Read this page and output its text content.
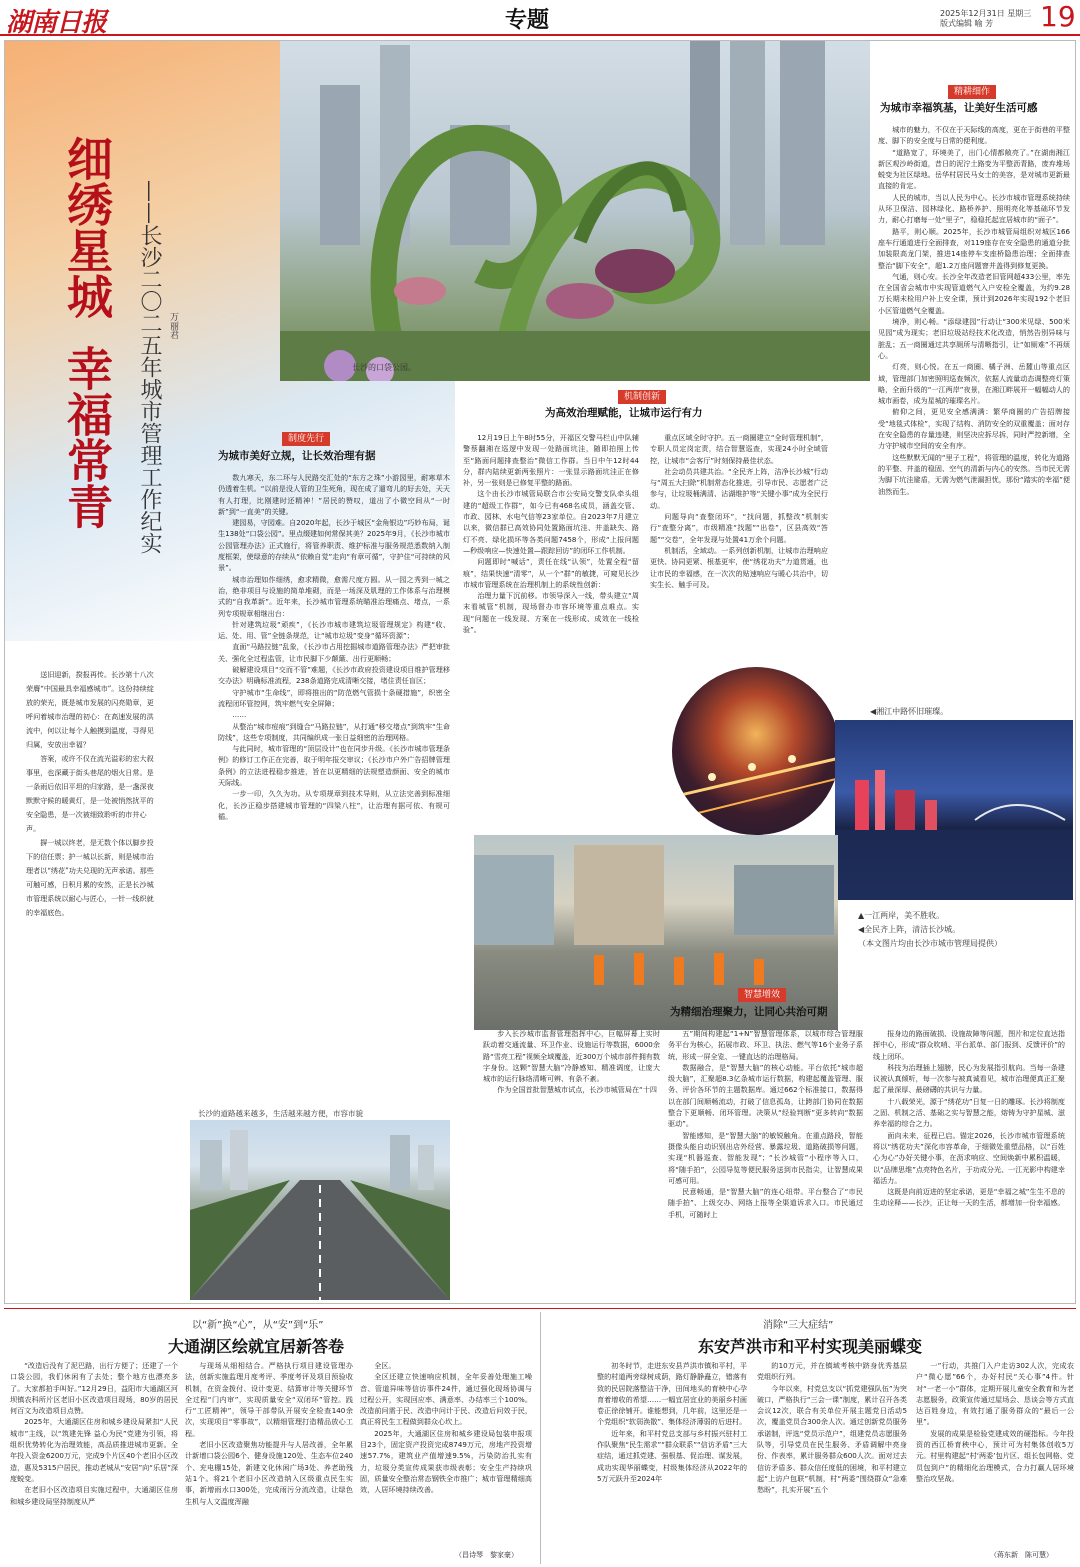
湖南日报	专题	2025年12月31日 星期三
版式编辑 喻 芳	19
长沙的口袋公园。
细绣星城幸福常青	——长沙二〇二五年城市管理工作纪实 万丽君

送旧迎新，揆报再传。长沙第十八次荣膺“中国最具幸福感城市”。这份持续绽放的荣光，既是城市发展的闪亮勋章，更呼问着城市治理的初心：在高速发展的洪流中，何以让每个人触摸到温度，寻得见归属，安放出幸福？

答案，或许不仅在流光溢彩的宏大叙事里，也深藏于街头巷尾的烟火日常。是一条雨后依旧平坦的归家路，是一盏深夜默默守候的暖黄灯，是一处被悄然扰平的安全隐患，是一次被细致聆听的市井心声。

摒一城以终老，是无数个体以脚步投下的信任票；护一城以长新，则是城市治理者以“绣花”功夫兑现的无声承诺。那些可触可感，日积月累的安然，正是长沙城市管理系统以耐心与匠心，一针一线织就的幸福底色。

制度先行
为城市美好立规，让长效治理有据

数九寒天，东二环与人民路交汇处的“东方之珠”小游园里，耐寒草木仍透着生机。“以前是没人管的卫生死角，现在成了遛弯儿的好去处，天天有人打理，比刚建时还精神！”居民的赞叹，道出了小微空间从“一时新”到“一直美”的关键。

建园易，守园难。自2020年起，长沙于城区“金角银边”巧妙布局，诞生138处“口袋公园”。里点缀建如何常保其美？2025年9月，《长沙市城市公园管理办法》正式施行，将管养职责、维护标准与服务规范悉数纳入制度框架，使绿意的存续从“依赖自觉”走向“有章可循”，守护住“可持续的风景”。

城市治理如作细绣，愈求精微，愈需尺度方圆。从一园之秀到一城之治，绝非项目与设施的简单堆砌，而是一场深及肌理的工作体系与治理模式的“自我革新”。近年来，长沙城市管理系统瞄准治理痛点、堵点，一系列专项规章相继出台：

针对建筑垃圾“顽疾”，《长沙市城市建筑垃圾管理规定》构建“收、运、处、用、管”全链条规范，让“城市垃圾”变身“循环资源”；

直面“马路拉链”乱象，《长沙市占用挖掘城市道路管理办法》严把审批关、强化全过程监管，让市民脚下少颠簸、出行更顺畅；

破解建设项目“交而不管”难题，《长沙市政府投资建设项目维护管理移交办法》明确标准流程，238条道路完成清晰交接，堵住责任盲区；

守护城市“生命线”，即将推出的“防范燃气管损十条硬措施”，织密全流程闭环管控网，筑牢燃气安全屏障；

……

从整治“城市痘痕”到缝合“马路拉链”，从打通“移交堵点”到筑牢“生命防线”，这些专项制度，共同编织成一张日益细密的治理网格。

与此同时，城市管理的“顶层设计”也在同步升级。《长沙市城市管理条例》的修订工作正在完善，取于明年报交审议；《长沙市户外广告招牌管理条例》的立法进程稳步推进，旨在以更精细的法规塑造颜面、安全的城市天际线。

一步一印，久久为功。从专项规章到技术导则，从立法完善到标准细化，长沙正稳步搭建城市管理的“四梁八柱”，让治理有据可依、有规可循。

机制创新
为高效治理赋能，让城市运行有力

12月19日上午8时55分，开福区交警马栏山中队辅警蔡翻湘在巡逻中发现一处路面坑洼，随即拍照上传至“路面问题排查整治”微信工作群。当日中午12时44分，群内陆续更新两张照片：一张显示路面坑洼正在修补，另一张则是已修复平整的路面。

这个由长沙市城管局联合市公安局交警支队牵头组建的“超级工作群”，如今已有468名成员，涵盖交管、市政、园林、水电气信等23家单位。自2023年7月建立以来，微信群已高效协同处置路面坑洼、井盖缺失、路灯不亮、绿化损坏等各类问题7458个，形成“上报问题—秒级响应—快速处置—跟踪回访”的闭环工作机制。

问题即时“喊话”，责任在线“认领”，处置全程“留痕”，结果快速“清零”，从一个“群”的敏捷，可窥见长沙市城市管理系统在治理机制上的系统性创新：

治理力量下沉前移。市领导深入一线，带头建立“周末看城管”机制，现场督办市容环境等重点难点。实现“问题在一线发现、方案在一线形成、成效在一线检验”。

重点区域全时守护。五一商圈建立“全时管理机制”，专职人员定岗定责，结合智慧巡查，实现24小时全域管控，让城市“会客厅”时刻保持最佳状态。

社会动员共建共治。“全民齐上阵，洁净长沙城”行动与“周五大扫除”机制常态化推进，引导市民、志愿者广泛参与，让垃圾桶满清、沾湖维护等“关键小事”成为全民行动。

问题导向“查整闭环”，“找问题，抓整改”机制实行“查整分离”，市级精准“找题”“出卷”，区县高效“答题”“交卷”，全年发现与处置41万余个问题。

机制活，全域动。一系列创新机制，让城市治理响应更快、协同更紧、根基更牢，使“绣花功夫”力道贯通，也让市民的幸福感，在一次次的贴速响应与暖心共治中，切实生长、触手可及。

精耕细作
为城市幸福筑基，让美好生活可感

城市的魅力，不仅在于天际线的高度，更在于街巷的平整度、脚下的安全度与日常的便利度。

“道路宽了，环境美了，出门心情都敞亮了。”在湖南湘江新区观沙岭街道，昔日的泥泞土路变为平整沥青路，废弃堆场蜕变为社区绿地。岳华村居民马女士的美容，是对城市更新最直接的肯定。

人民的城市，当以人民为中心。长沙市城市管理系统持续从环卫保洁、园林绿化、路桥养护、照明亮化等基础环节发力，耐心打磨每一处“里子”，稳稳托起宜居城市的“面子”。

路平，则心顺。2025年，长沙市城管局组织对城区166座车行通道进行全面排查，对119座存在安全隐患的通道分批加装限高龙门架，推进14座停车支座桥隐患治理；全面排查整治“脚下安全”，超1.2万座问题窨井盖得到修复更换。

气通，则心安。长沙全年改造老旧管网超433公里，率先在全国省会城市中实现管道燃气入户安检全覆盖，为约9.28万长期未检用户补上安全课，预计到2026年实现192个老旧小区管道燃气全覆盖。

境净，则心畅。“添绿建园”行动让“300米见绿、500米见园”成为现实；老旧垃圾站经技术化改造，悄然告别异味与脏乱；五一商圈通过共享厕所与清晰指引，让“如厕难”不再烦心。

灯亮，则心悦。在五一商圈、橘子洲、岳麓山等重点区域，管理部门加密照明巡查频次，依据人流量动态调整亮灯策略，全面升级的“一江两岸”夜景，在湘江畔展开一幅幅动人的城市画卷，成为星城的璀璨名片。

俯仰之间，更见安全感满满：繁华商圈的广告招牌接受“地毯式体检”，实现了结构、消防安全的双重覆盖；面对存在安全隐患的存量违建，则坚决应拆尽拆，同时严控新增，全力守护城市空间的安全有序。

这些默默无闻的“里子工程”，将管理的温度，转化为道路的平整、井盖的稳固、空气的清新与内心的安然。当市民无需为脚下坑洼避盾，无需为燃气泄漏担忧，那份“踏实的幸福”便油然而生。

◀湘江中路怀旧璀璨。
▲一江两岸，美不胜收。
◀全民齐上阵，清洁长沙城。
（本文图片均由长沙市城市管理局提供）
智慧增效
为精细治理聚力，让同心共治可期

步入长沙城市监督管理指挥中心，巨幅屏幕上实时跃动着交通流量、环卫作业、设施运行等数据，6000余路“雪亮工程”视频全域覆盖，近300万个城市部件拥有数字身份。这颗“智慧大脑”冷静感知、精准调度，让庞大城市的运行脉络清晰可辨、有条不紊。

作为全国首批智慧城市试点，长沙市城管局在“十四

五”期间构建起“1+N”智慧管理体系，以城市综合管理服务平台为核心，拓展市政、环卫、执法、燃气等16个业务子系统，形成一屏全览、一键直达的治理格局。

数据融合，是“智慧大脑”的核心动能。平台依托“城市超级大脑”，汇聚超8.3亿条城市运行数据，构建起覆盖管理、服务、评价各环节的主题数据库。通过662个标准接口，数据得以在部门间顺畅流动，打破了信息孤岛，让跨部门协同在数据整合下更顺畅、闭环管理。决策从“经验判断”更多转向“数据驱动”。

智能感知，是“智慧大脑”的敏锐触角。在重点路段，智能摄像头能自动识别出店外经营、暴露垃圾、道路破损等问题，实现“机器巡查、智能发现”；“长沙城管”小程序等入口，将“随手拍”，公园导览等便民服务送到市民指尖，让智慧成果可感可用。

民意畅通，是“智慧大脑”的连心纽带。平台整合了“市民随手拍”、上级交办、网络上报等全渠道诉求入口。市民通过手机，可随时上

报身边的路面破损、设施故障等问题，图片和定位直达指挥中心，形成“群众吹哨、平台派单、部门报到、反馈评价”的线上闭环。

科技为治理插上翅膀，民心为发展指引航向。当每一条建议被认真倾听，每一次参与被真诚看见，城市治理便真正汇聚起了最深厚、最磅礴的共识与力量。

十八载荣光，源于“绣花功”日复一日的雕琢。长沙将制度之固、机制之活、基础之实与智慧之能，熔铸为守护星城、滋养幸福的综合之力。

面向未来，征程已启。锚定2026，长沙市城市管理系统将以“绣花功夫”深化市容革命，于细微处重塑品格，以“百姓心为心”办好关键小事，在沥求响应、空间焕新中累积温暖，以“品牌思维”点亮特色名片，于功成分光、一江光影中构建幸福活力。

这既是向前迈进的坚定承诺，更是“幸福之城”生生不息的生动诠释——长沙，正让每一天的生活，都增加一份幸福感。

长沙的道路越来越多，生活越来越方便，市容市貌
以“新”换“心”，从“安”到“乐”
大通湖区绘就宜居新答卷

“改造后没有了泥巴路，出行方便了；还建了一个口袋公园，我们休闲有了去处；整个地方也漂亮多了。大家都拍手叫好。”12月29日，益阳市大通湖区河坝镇农科所片区老旧小区改造项目现场，80岁的居民何百文为改造项目点赞。

2025年，大通湖区住房和城乡建设局紧扣“人民城市”主线，以“筑建先锋 益心为民”党建为引领，将组织优势转化为治理效能，高品质推进城市更新。全年投入资金6200万元，完成9个片区40个老旧小区改造，惠及5315户居民，推动老城从“安居”向“乐居”深度蜕变。

在老旧小区改造项目实施过程中，大通湖区住房和城乡建设局坚持制度从严

与现场从细相结合。严格执行项目建设管理办法，创新实施监理月度考评、季度考评及项目预验收机制，在资金拨付、设计变更、结算审计等关键环节全过程“门内审”，实现质量安全“双闭环”管控。践行“工匠精神”，领导干部带队开展安全检查140余次，实现项目“零事故”，以精细管理打造精品放心工程。

老旧小区改造聚焦功能提升与人居改善，全年累计新增口袋公园6个、健身设施120处、生态车位240个、充电棚15处，新建文化休闲广场3处、养老助残站1个。将21个老旧小区改造纳入区级重点民生实事，新增雨水口300处，完成雨污分流改造，让绿色生机与人文温度浑融

全区。

全区还建立快速响应机制，全年妥善处理施工噪音、管道异味等信访事件24件，通过强化现场协调与过程公开，实现回应率、满意率、办结率三个100%。改造前问需于民、改造中问计于民、改造后问效于民，真正将民生工程做到群众心坎上。

2025年，大通湖区住房和城乡建设局包装申报项目23个，固定资产投资完成8749万元，房地产投资增速57.7%，建筑业产值增速9.5%，污染防治扎实有力，垃圾分类宣传成果获市级表彰；安全生产持续巩固，质量安全整治常态钢铁全市推广；城市管理精细高效，人居环境持续改善。

（昌诗琴　黎家豪）
消除“三大症结”
东安芦洪市和平村实现美丽蝶变

初冬时节，走进东安县芦洪市镇和平村，平整的村道两旁绿树成荫，路灯静静矗立，错落有致的民居院落整洁干净，田间地头的育秧中心孕育着增收的希望……一幅宜居宜业的美丽乡村画卷正徐徐铺开。谁能想到，几年前，这里还是一个党组织“软弱涣散”、集体经济薄弱的后进村。

近年来，和平村党总支部与乡村振兴驻村工作队聚焦“民生需求”“群众联系”“信访矛盾”三大症结，通过抓党建、强根基、促治理、谋发展，成功实现华丽蝶变，村级集体经济从2022年的5万元跃升至2024年

的10万元，并在镇域考核中跻身优秀基层党组织行列。

今年以来，村党总支以“抓党建强队伍”为突破口，严格执行“三会一课”制度，累计召开各类会议12次，联合有关单位开展主题党日活动5次，覆盖党员合300余人次。通过创新党员服务承诺制，评选“党员示范户”，组建党员志愿服务队等，引导党员在民生服务、矛盾调解中亮身份、作表率，累计服务群众600人次。面对过去信访矛盾多、群众信任度低的困境，和平村建立起“上访户包联”机制，村“两委”围绕群众“急难愁盼”，扎实开展“五个

一”行动，共推门入户走访302人次，完成农户“微心愿”66个，办好村民“关心事”4件。针对“一老一小”群体，定期开展儿童安全教育和为老志愿服务，政策宣传通过屋场会、恳谈会等方式直达百姓身边，有效打通了服务群众的“最后一公里”。

发展的成果是检验党建成效的硬指标。今年投资的西江桥育秧中心，预计可为村集体创收5万元。村里构建起“村‘两委’包片区、组长包网格、党员包到户”的精细化治理模式，合力打赢人居环境整治攻坚战。

（蒋东新　陈可慧）
